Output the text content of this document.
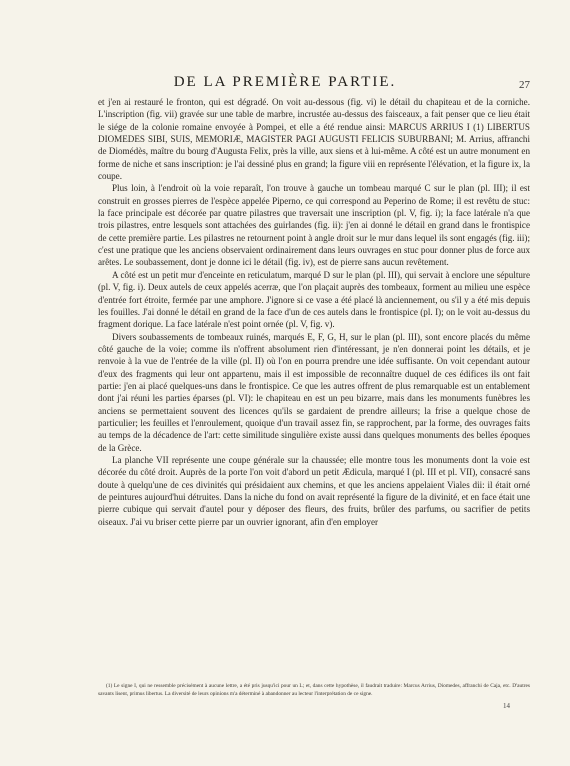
DE LA PREMIÈRE PARTIE.	27

et j'en ai restauré le fronton, qui est dégradé. On voit au-dessous (fig. vi) le détail du chapiteau et de la corniche. L'inscription (fig. vii) gravée sur une table de marbre, incrustée au-dessus des faisceaux, a fait penser que ce lieu était le siége de la colonie romaine envoyée à Pompei, et elle a été rendue ainsi: MARCUS ARRIUS I (1) LIBERTUS DIOMEDES SIBI, SUIS, MEMORIÆ, MAGISTER PAGI AUGUSTI FELICIS SUBURBANI; M. Arrius, affranchi de Diomédès, maître du bourg d'Augusta Felix, près la ville, aux siens et à lui-même. A côté est un autre monument en forme de niche et sans inscription: je l'ai dessiné plus en grand; la figure viii en représente l'élévation, et la figure ix, la coupe.

Plus loin, à l'endroit où la voie reparaît, l'on trouve à gauche un tombeau marqué C sur le plan (pl. III); il est construit en grosses pierres de l'espèce appelée Piperno, ce qui correspond au Peperino de Rome; il est revêtu de stuc: la face principale est décorée par quatre pilastres que traversait une inscription (pl. V, fig. i); la face latérale n'a que trois pilastres, entre lesquels sont attachées des guirlandes (fig. ii): j'en ai donné le détail en grand dans le frontispice de cette première partie. Les pilastres ne retournent point à angle droit sur le mur dans lequel ils sont engagés (fig. iii); c'est une pratique que les anciens observaient ordinairement dans leurs ouvrages en stuc pour donner plus de force aux arêtes. Le soubassement, dont je donne ici le détail (fig. iv), est de pierre sans aucun revêtement.

A côté est un petit mur d'enceinte en reticulatum, marqué D sur le plan (pl. III), qui servait à enclore une sépulture (pl. V, fig. i). Deux autels de ceux appelés acerræ, que l'on plaçait auprès des tombeaux, forment au milieu une espèce d'entrée fort étroite, fermée par une amphore. J'ignore si ce vase a été placé là anciennement, ou s'il y a été mis depuis les fouilles. J'ai donné le détail en grand de la face d'un de ces autels dans le frontispice (pl. I); on le voit au-dessus du fragment dorique. La face latérale n'est point ornée (pl. V, fig. v).

Divers soubassements de tombeaux ruinés, marqués E, F, G, H, sur le plan (pl. III), sont encore placés du même côté gauche de la voie; comme ils n'offrent absolument rien d'intéressant, je n'en donnerai point les détails, et je renvoie à la vue de l'entrée de la ville (pl. II) où l'on en pourra prendre une idée suffisante. On voit cependant autour d'eux des fragments qui leur ont appartenu, mais il est impossible de reconnaître duquel de ces édifices ils ont fait partie: j'en ai placé quelques-uns dans le frontispice. Ce que les autres offrent de plus remarquable est un entablement dont j'ai réuni les parties éparses (pl. VI): le chapiteau en est un peu bizarre, mais dans les monuments funèbres les anciens se permettaient souvent des licences qu'ils se gardaient de prendre ailleurs; la frise a quelque chose de particulier; les feuilles et l'enroulement, quoique d'un travail assez fin, se rapprochent, par la forme, des ouvrages faits au temps de la décadence de l'art: cette similitude singulière existe aussi dans quelques monuments des belles époques de la Grèce.

La planche VII représente une coupe générale sur la chaussée; elle montre tous les monuments dont la voie est décorée du côté droit. Auprès de la porte l'on voit d'abord un petit Ædicula, marqué I (pl. III et pl. VII), consacré sans doute à quelqu'une de ces divinités qui présidaient aux chemins, et que les anciens appelaient Viales dii: il était orné de peintures aujourd'hui détruites. Dans la niche du fond on avait représenté la figure de la divinité, et en face était une pierre cubique qui servait d'autel pour y déposer des fleurs, des fruits, brûler des parfums, ou sacrifier de petits oiseaux. J'ai vu briser cette pierre par un ouvrier ignorant, afin d'en employer

(1) Le signe I, qui ne ressemble précisément à aucune lettre, a été pris jusqu'ici pour un L; et, dans cette hypothèse, il faudrait traduire: Marcus Arrius, Diomedes, affranchi de Caja, etc. D'autres savants lisent, primus libertus. La diversité de leurs opinions m'a déterminé à abandonner au lecteur l'interprétation de ce signe.

14
